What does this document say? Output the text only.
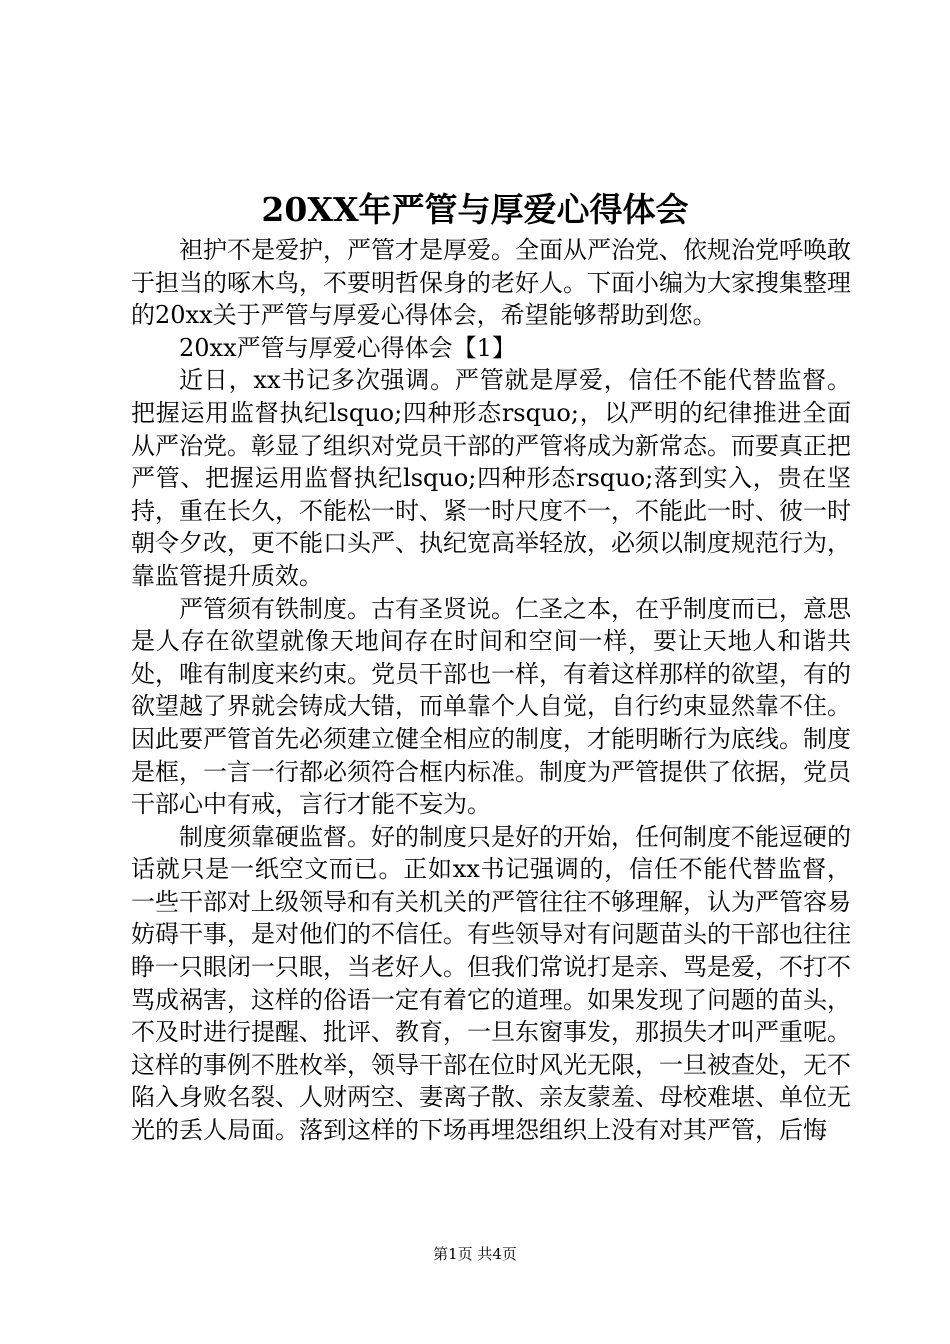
20XX年严管与厚爱心得体会

袒护不是爱护，严管才是厚爱。全面从严治党、依规治党呼唤敢于担当的啄木鸟，不要明哲保身的老好人。下面小编为大家搜集整理的20xx关于严管与厚爱心得体会，希望能够帮助到您。

20xx严管与厚爱心得体会【1】

近日，xx书记多次强调。严管就是厚爱，信任不能代替监督。把握运用监督执纪lsquo;四种形态rsquo;，以严明的纪律推进全面从严治党。彰显了组织对党员干部的严管将成为新常态。而要真正把严管、把握运用监督执纪lsquo;四种形态rsquo;落到实入，贵在坚持，重在长久，不能松一时、紧一时尺度不一，不能此一时、彼一时朝令夕改，更不能口头严、执纪宽高举轻放，必须以制度规范行为，靠监管提升质效。

严管须有铁制度。古有圣贤说。仁圣之本，在乎制度而已，意思是人存在欲望就像天地间存在时间和空间一样，要让天地人和谐共处，唯有制度来约束。党员干部也一样，有着这样那样的欲望，有的欲望越了界就会铸成大错，而单靠个人自觉，自行约束显然靠不住。因此要严管首先必须建立健全相应的制度，才能明晰行为底线。制度是框，一言一行都必须符合框内标准。制度为严管提供了依据，党员干部心中有戒，言行才能不妄为。

制度须靠硬监督。好的制度只是好的开始，任何制度不能逗硬的话就只是一纸空文而已。正如xx书记强调的，信任不能代替监督，一些干部对上级领导和有关机关的严管往往不够理解，认为严管容易妨碍干事，是对他们的不信任。有些领导对有问题苗头的干部也往往睁一只眼闭一只眼，当老好人。但我们常说打是亲、骂是爱，不打不骂成祸害，这样的俗语一定有着它的道理。如果发现了问题的苗头，不及时进行提醒、批评、教育，一旦东窗事发，那损失才叫严重呢。这样的事例不胜枚举，领导干部在位时风光无限，一旦被查处，无不陷入身败名裂、人财两空、妻离子散、亲友蒙羞、母校难堪、单位无光的丢人局面。落到这样的下场再埋怨组织上没有对其严管，后悔

第1页 共4页
